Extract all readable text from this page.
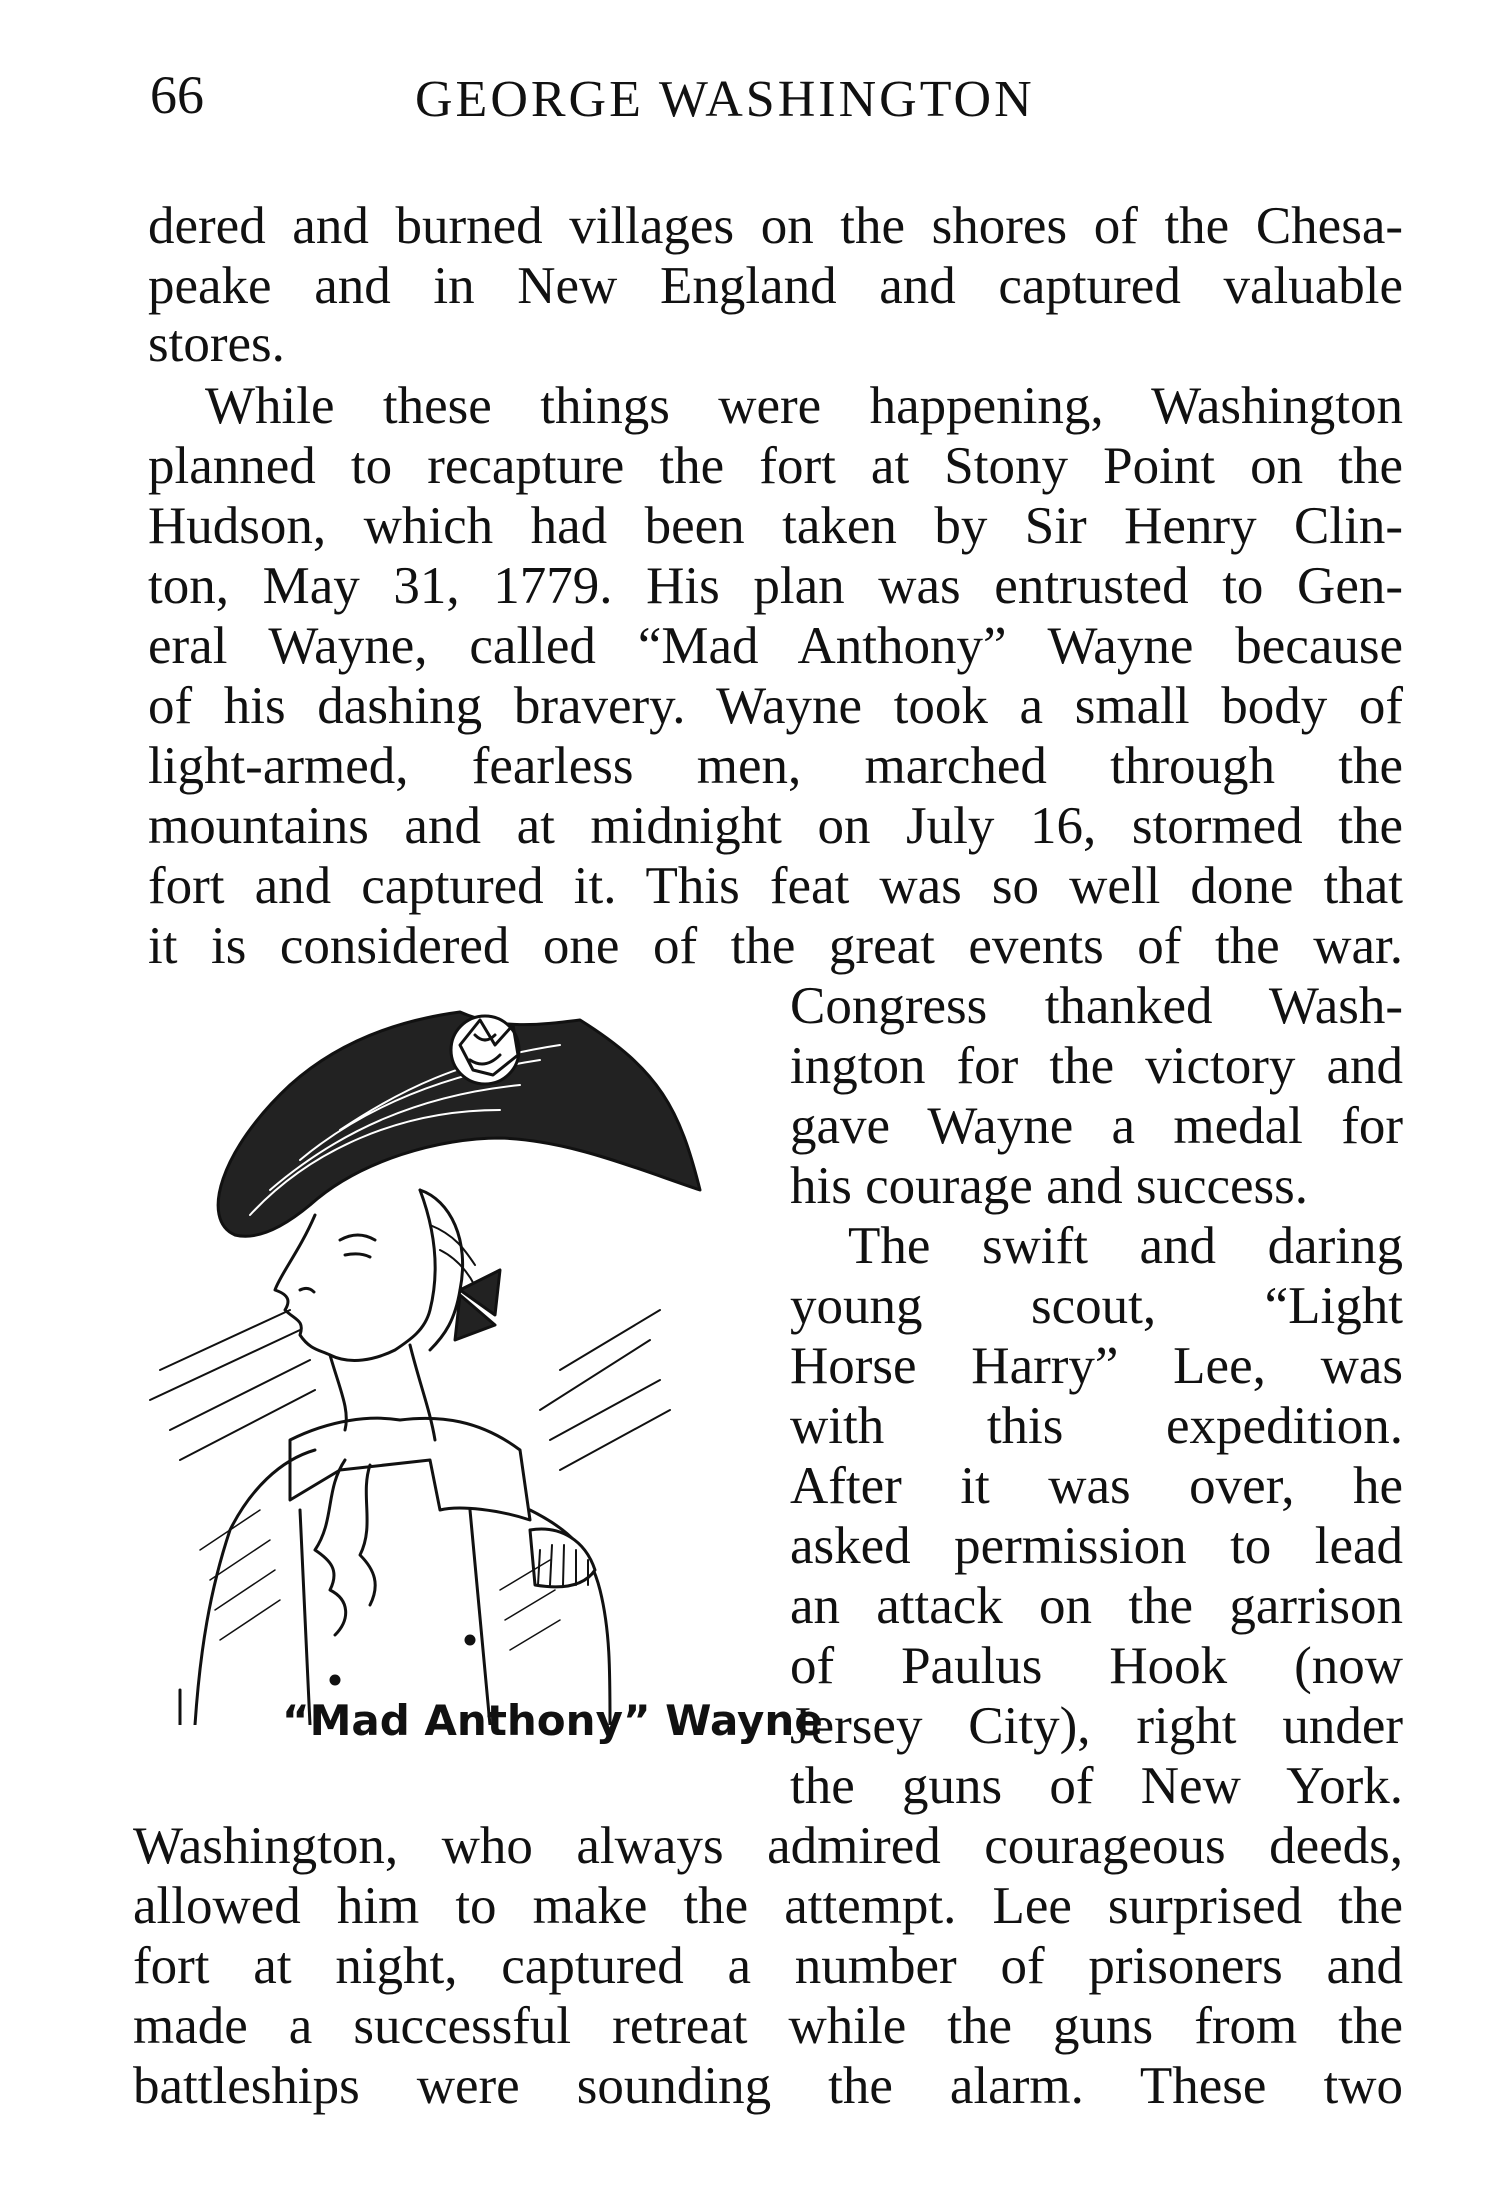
66	GEORGE WASHINGTON
dered and burned villages on the shores of the Chesa-
peake and in New England and captured valuable
stores.
While these things were happening, Washington
planned to recapture the fort at Stony Point on the
Hudson, which had been taken by Sir Henry Clin-
ton, May 31, 1779. His plan was entrusted to Gen-
eral Wayne, called “Mad Anthony” Wayne because
of his dashing bravery. Wayne took a small body of
light-armed, fearless men, marched through the
mountains and at midnight on July 16, stormed the
fort and captured it. This feat was so well done that
it is considered one of the great events of the war.
Congress thanked Wash-
ington for the victory and
gave Wayne a medal for
his courage and success.
The swift and daring
young scout, “Light
Horse Harry” Lee, was
with this expedition.
After it was over, he
asked permission to lead
an attack on the garrison
of Paulus Hook (now
Jersey City), right under
the guns of New York.
Washington, who always admired courageous deeds,
allowed him to make the attempt. Lee surprised the
fort at night, captured a number of prisoners and
made a successful retreat while the guns from the
battleships were sounding the alarm. These two
“Mad Anthony” Wayne
